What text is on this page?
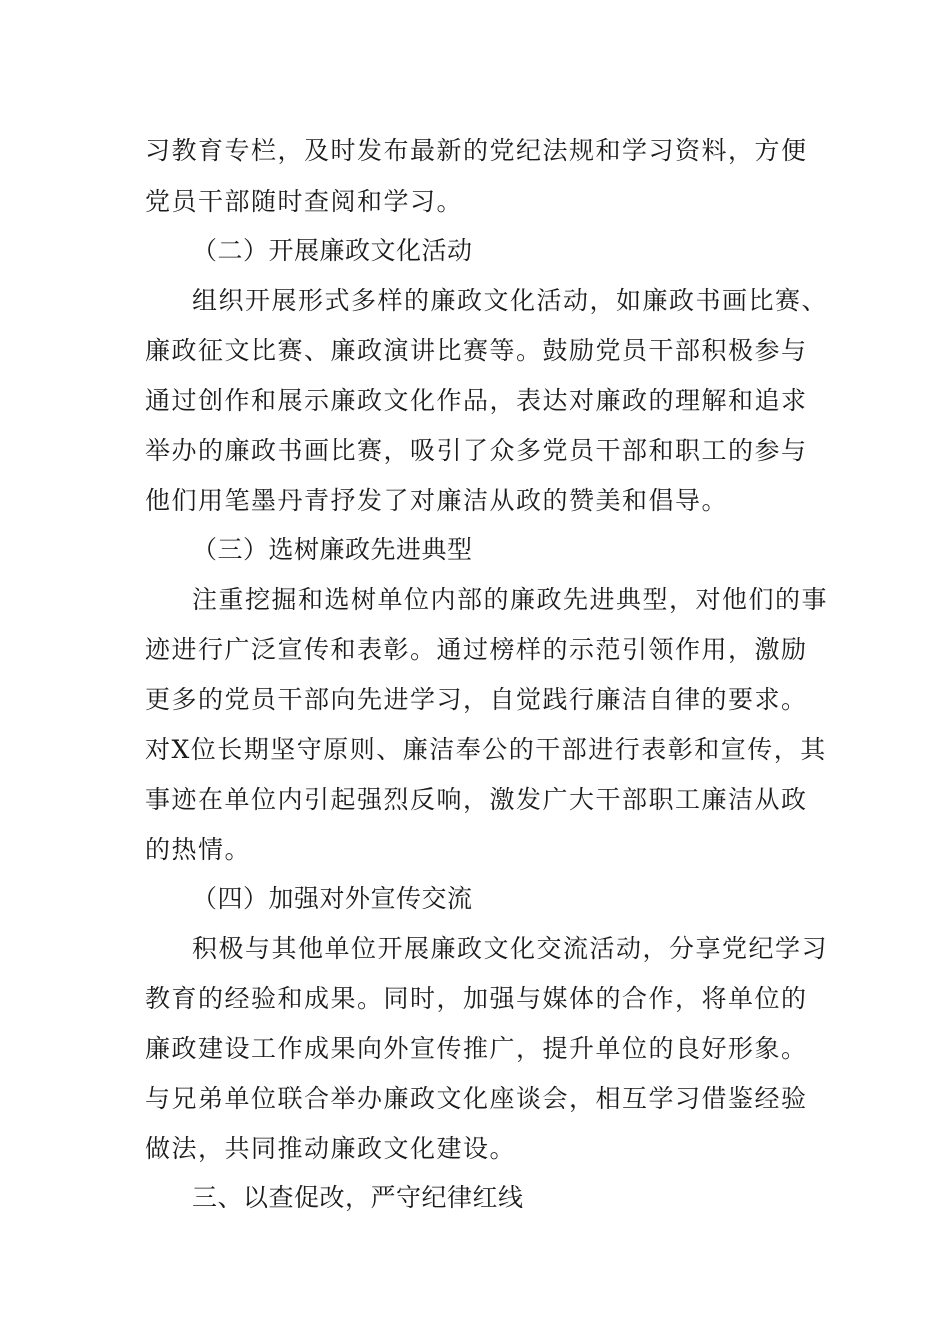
习教育专栏，及时发布最新的党纪法规和学习资料，方便
党员干部随时查阅和学习。
（二）开展廉政文化活动
组织开展形式多样的廉政文化活动，如廉政书画比赛、
廉政征文比赛、廉政演讲比赛等。鼓励党员干部积极参与
通过创作和展示廉政文化作品，表达对廉政的理解和追求
举办的廉政书画比赛，吸引了众多党员干部和职工的参与
他们用笔墨丹青抒发了对廉洁从政的赞美和倡导。
（三）选树廉政先进典型
注重挖掘和选树单位内部的廉政先进典型，对他们的事
迹进行广泛宣传和表彰。通过榜样的示范引领作用，激励
更多的党员干部向先进学习，自觉践行廉洁自律的要求。
对X位长期坚守原则、廉洁奉公的干部进行表彰和宣传，其
事迹在单位内引起强烈反响，激发广大干部职工廉洁从政
的热情。
（四）加强对外宣传交流
积极与其他单位开展廉政文化交流活动，分享党纪学习
教育的经验和成果。同时，加强与媒体的合作，将单位的
廉政建设工作成果向外宣传推广，提升单位的良好形象。
与兄弟单位联合举办廉政文化座谈会，相互学习借鉴经验
做法，共同推动廉政文化建设。
三、以查促改，严守纪律红线
